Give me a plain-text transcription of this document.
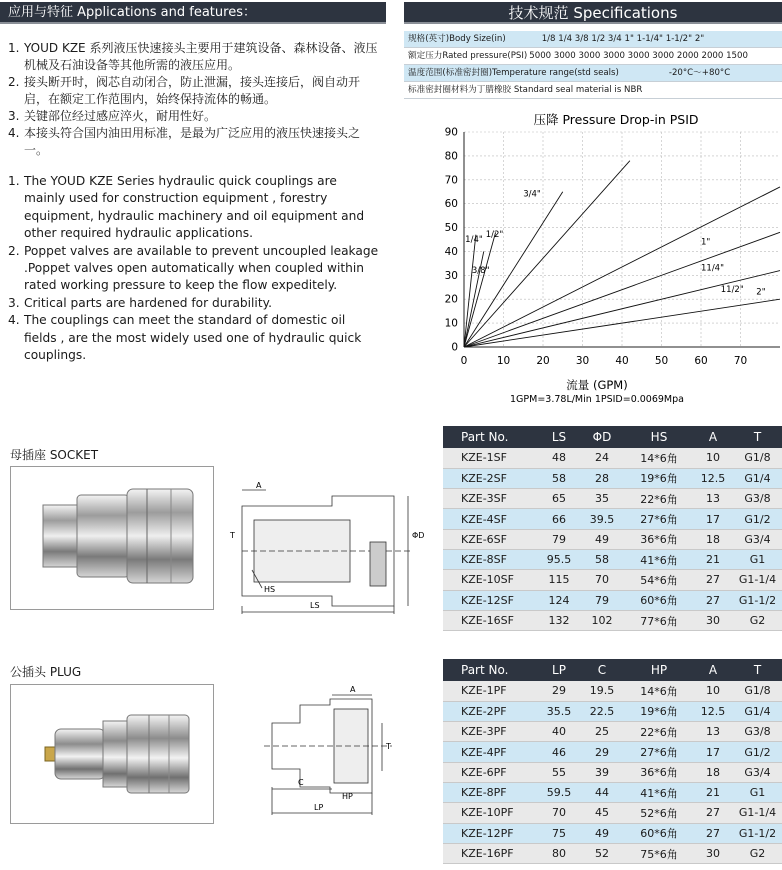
应用与特征 Applications and features：	技术规范 Specifications
1. YOUD KZE 系列液压快速接头主要用于建筑设备、森林设备、液压机械及石油设备等其他所需的液压应用。
2. 接头断开时，阀芯自动闭合，防止泄漏，接头连接后，阀自动开启，在额定工作范围内，始终保持流体的畅通。
3. 关键部位经过感应淬火，耐用性好。
4. 本接头符合国内油田用标准，是最为广泛应用的液压快速接头之一。
1. The YOUD KZE Series hydraulic quick couplings are mainly used for construction equipment , forestry equipment, hydraulic machinery and oil equipment and other required hydraulic applications.
2. Poppet valves are available to prevent uncoupled leakage .Poppet valves open automatically when coupled within rated working pressure to keep the flow expeditely.
3. Critical parts are hardened for durability.
4. The couplings can meet the standard of domestic oil fields , are the most widely used one of hydraulic quick couplings.
规格(英寸)Body Size(in)	1/8 1/4 3/8 1/2 3/4 1" 1-1/4" 1-1/2" 2"
额定压力Rated pressure(PSI) 5000 3000 3000 3000 3000 3000 2000 2000 1500
温度范围(标准密封圈)Temperature range(std seals)	-20°C～+80°C
标准密封圈材料为丁腈橡胶 Standard seal material is NBR
压降 Pressure Drop-in PSID
0
10
20
30
40
50
60
70
80
90
0	10 20 30 40 50 60 70
1/4"
3/8"
1/2"
3/4"
1"
11/4"
11/2" 2"
流量 (GPM)
1GPM=3.78L/Min 1PSID=0.0069Mpa
母插座 SOCKET
A
T
HS
LS
ΦD
Part No.	LS	ΦD	HS	A	T
KZE-1SF	48	24	14*6角	10	G1/8
KZE-2SF	58	28	19*6角	12.5	G1/4
KZE-3SF	65	35	22*6角	13	G3/8
KZE-4SF	66	39.5	27*6角	17	G1/2
KZE-6SF	79	49	36*6角	18	G3/4
KZE-8SF	95.5	58	41*6角	21	G1
KZE-10SF	115	70	54*6角	27	G1-1/4
KZE-12SF	124	79	60*6角	27	G1-1/2
KZE-16SF	132	102	77*6角	30	G2
公插头 PLUG
A
T
C
HP
LP
Part No.	LP	C	HP	A	T
KZE-1PF	29	19.5	14*6角	10	G1/8
KZE-2PF	35.5	22.5	19*6角	12.5	G1/4
KZE-3PF	40	25	22*6角	13	G3/8
KZE-4PF	46	29	27*6角	17	G1/2
KZE-6PF	55	39	36*6角	18	G3/4
KZE-8PF	59.5	44	41*6角	21	G1
KZE-10PF	70	45	52*6角	27	G1-1/4
KZE-12PF	75	49	60*6角	27	G1-1/2
KZE-16PF	80	52	75*6角	30	G2
